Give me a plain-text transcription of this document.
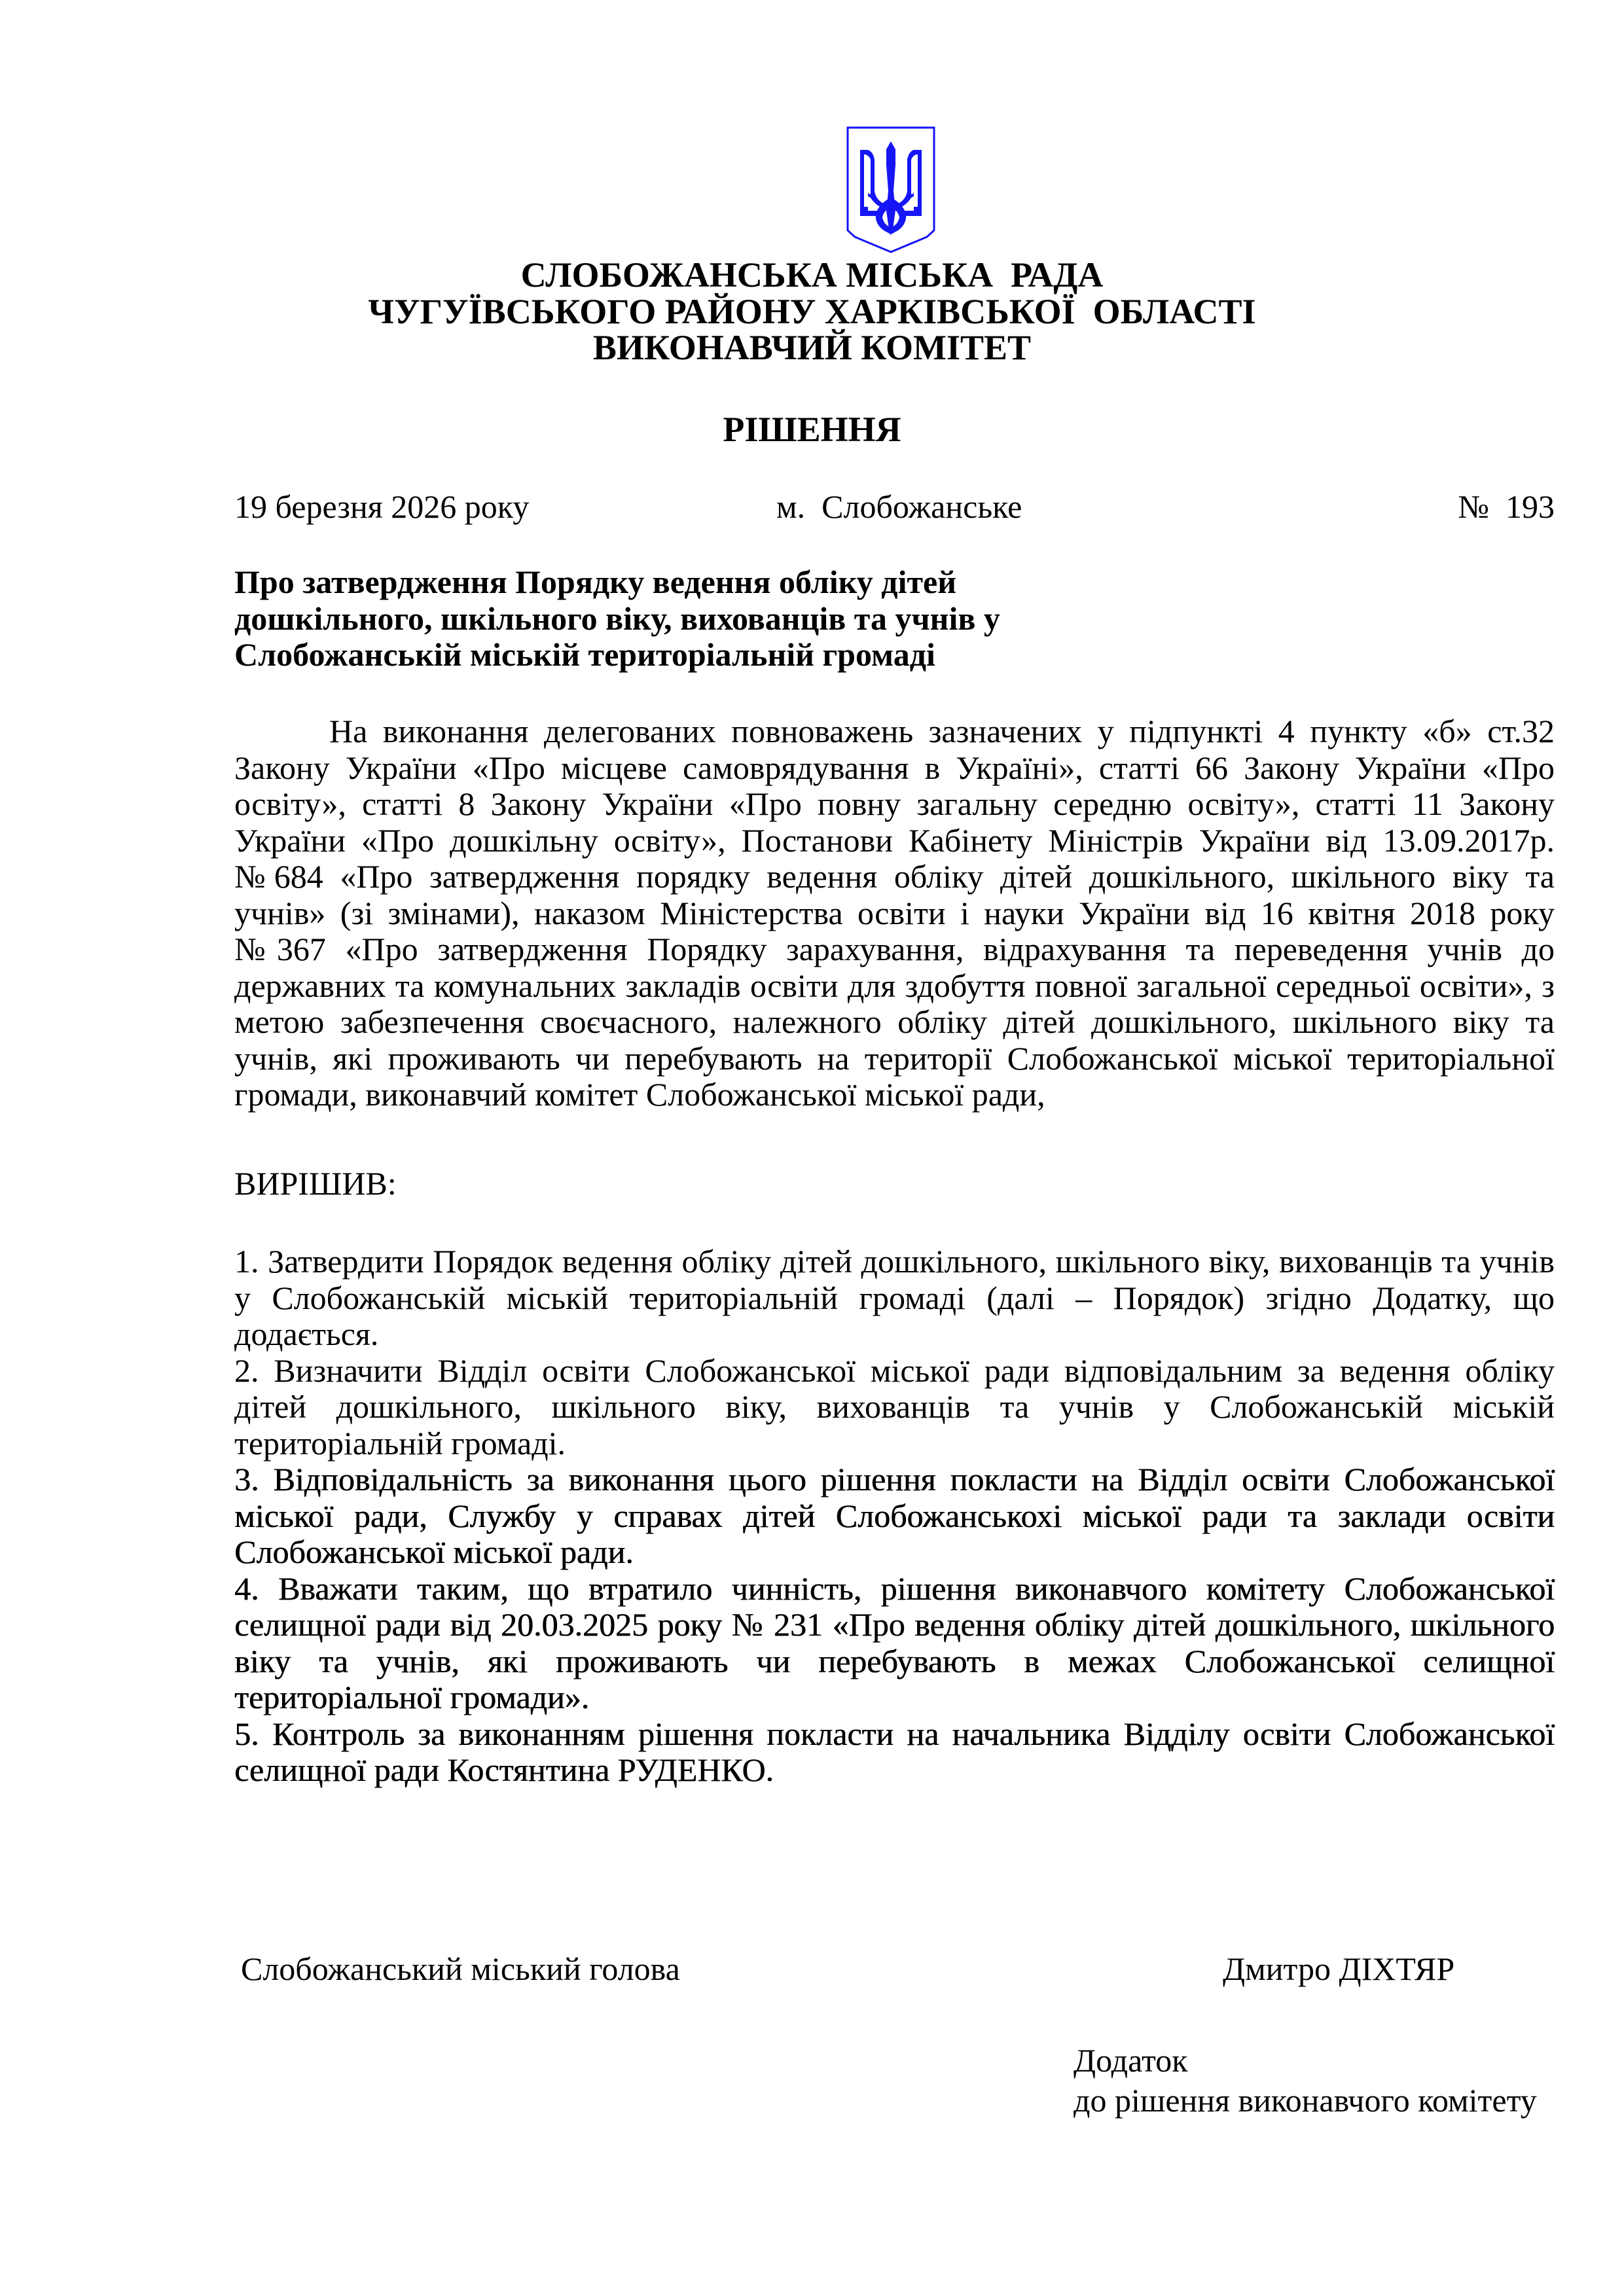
СЛОБОЖАНСЬКА МІСЬКА  РАДА
ЧУГУЇВСЬКОГО РАЙОНУ ХАРКІВСЬКОЇ  ОБЛАСТІ
ВИКОНАВЧИЙ КОМІТЕТ
РІШЕННЯ
19 березня 2026 року	м.  Слобожанське	№  193
Про затвердження Порядку ведення обліку дітей
дошкільного, шкільного віку, вихованців та учнів у
Слобожанській міській територіальній громаді
На виконання делегованих повноважень зазначених у підпункті 4 пункту «б» ст.32 Закону України «Про місцеве самоврядування в Україні», статті 66 Закону України «Про освіту», статті 8 Закону України «Про повну загальну середню освіту», статті 11 Закону України «Про дошкільну освіту», Постанови Кабінету Міністрів України від 13.09.2017р. №684 «Про затвердження порядку ведення обліку дітей дошкільного, шкільного віку та учнів» (зі змінами), наказом Міністерства освіти і науки України від 16 квітня 2018 року №367 «Про затвердження Порядку зарахування, відрахування та переведення учнів до державних та комунальних закладів освіти для здобуття повної загальної середньої освіти», з метою забезпечення своєчасного, належного обліку дітей дошкільного, шкільного віку та учнів, які проживають чи перебувають на території Слобожанської міської територіальної громади, виконавчий комітет Слобожанської міської ради,
ВИРІШИВ:

1. Затвердити Порядок ведення обліку дітей дошкільного, шкільного віку, вихованців та учнів у Слобожанській міській територіальній громаді (далі – Порядок) згідно Додатку, що додається.

2. Визначити Відділ освіти Слобожанської міської ради відповідальним за ведення обліку дітей дошкільного, шкільного віку, вихованців та учнів у Слобожанській міській територіальній громаді.

3. Відповідальність за виконання цього рішення покласти на Відділ освіти Слобожанської міської ради, Службу у справах дітей Слобожанськохі міської ради та заклади освіти Слобожанської міської ради.

4. Вважати таким, що втратило чинність, рішення виконавчого комітету Слобожанської селищної ради від 20.03.2025 року № 231 «Про ведення обліку дітей дошкільного, шкільного віку та учнів, які проживають чи перебувають в межах Слобожанської селищної територіальної громади».

5. Контроль за виконанням рішення покласти на начальника Відділу освіти Слобожанської селищної ради Костянтина РУДЕНКО.

Слобожанський міський голова	Дмитро ДІХТЯР
Додаток
до рішення виконавчого комітету
